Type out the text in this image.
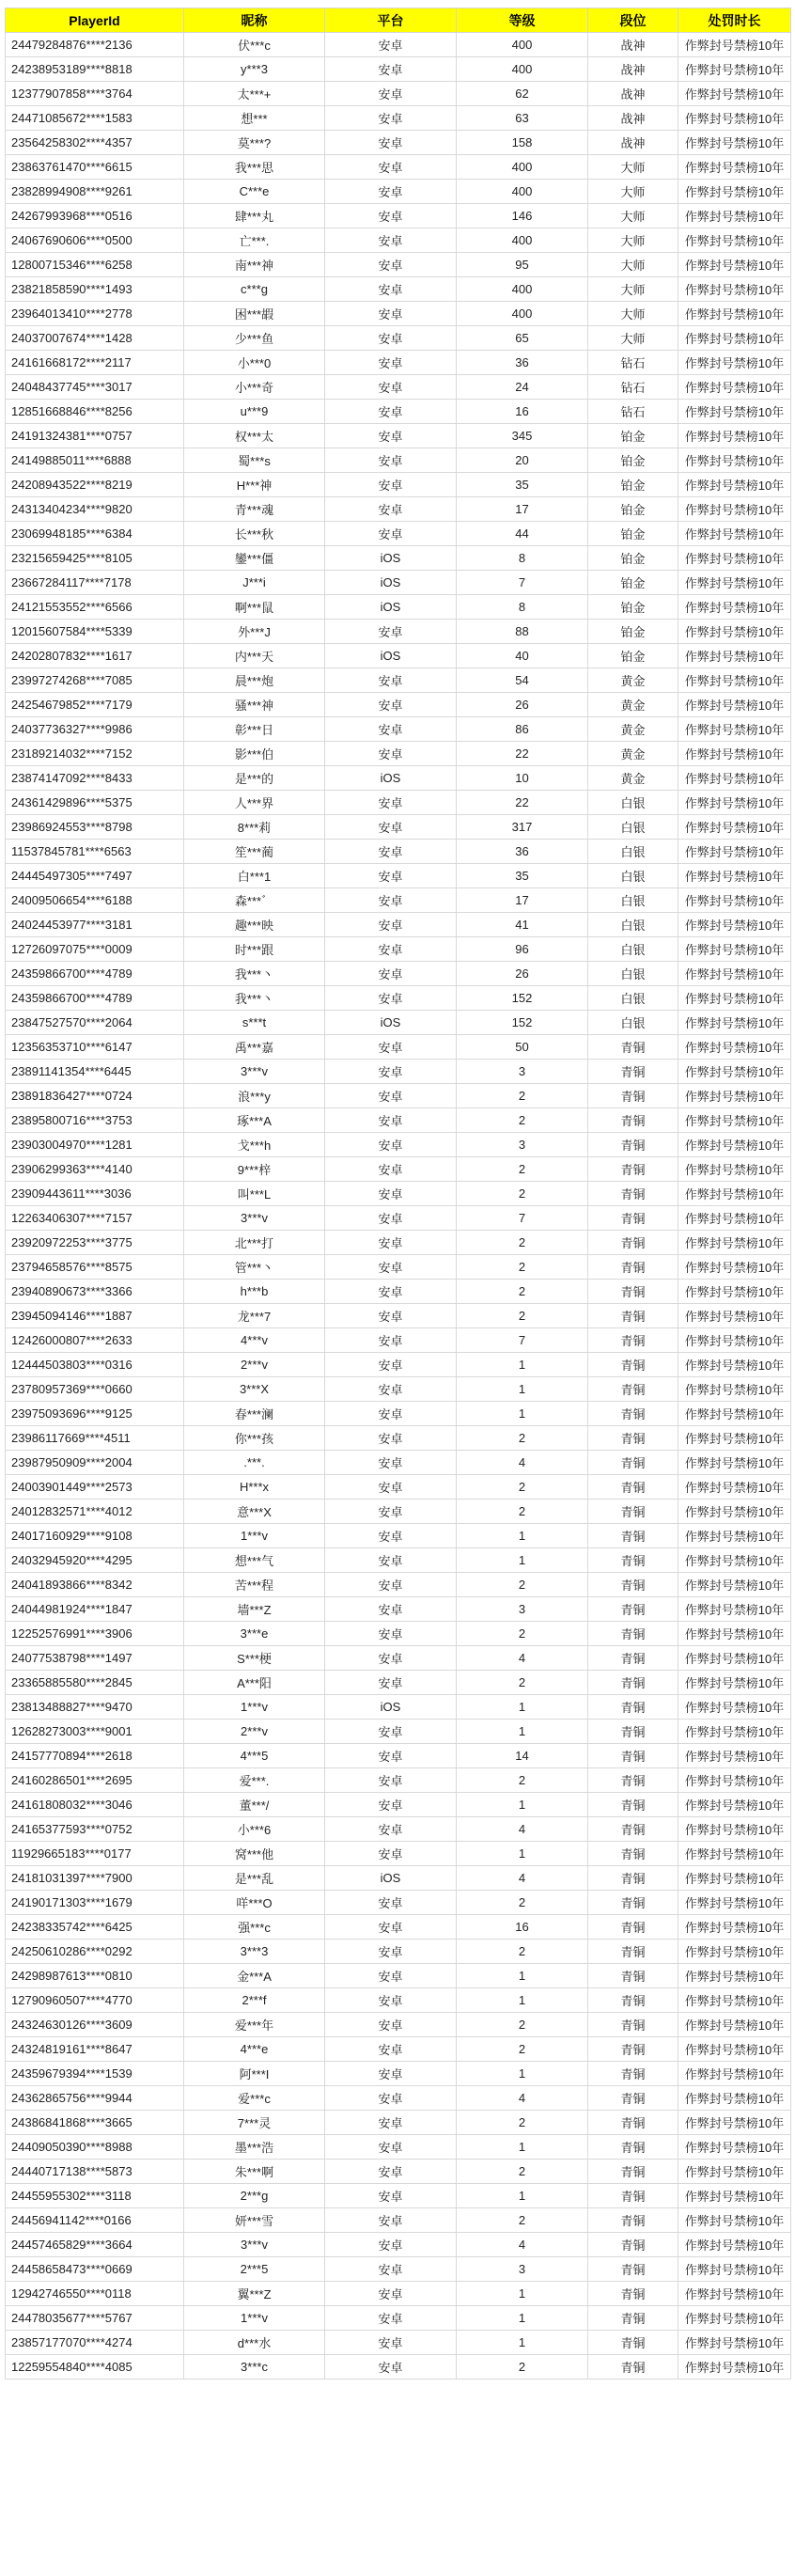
PlayerId	昵称	平台	等级	段位	处罚时长
24479284876****2136	伏***c	安卓	400	战神	作弊封号禁榜10年
24238953189****8818	y***3	安卓	400	战神	作弊封号禁榜10年
12377907858****3764	太***+	安卓	62	战神	作弊封号禁榜10年
24471085672****1583	想***	安卓	63	战神	作弊封号禁榜10年
23564258302****4357	莫***?	安卓	158	战神	作弊封号禁榜10年
23863761470****6615	我***思	安卓	400	大师	作弊封号禁榜10年
23828994908****9261	C***e	安卓	400	大师	作弊封号禁榜10年
24267993968****0516	肆***丸	安卓	146	大师	作弊封号禁榜10年
24067690606****0500	亡***.	安卓	400	大师	作弊封号禁榜10年
12800715346****6258	南***神	安卓	95	大师	作弊封号禁榜10年
23821858590****1493	c***g	安卓	400	大师	作弊封号禁榜10年
23964013410****2778	困***嘏	安卓	400	大师	作弊封号禁榜10年
24037007674****1428	少***鱼	安卓	65	大师	作弊封号禁榜10年
24161668172****2117	小***0	安卓	36	钻石	作弊封号禁榜10年
24048437745****3017	小***奇	安卓	24	钻石	作弊封号禁榜10年
12851668846****8256	u***9	安卓	16	钻石	作弊封号禁榜10年
24191324381****0757	权***太	安卓	345	铂金	作弊封号禁榜10年
24149885011****6888	蜀***s	安卓	20	铂金	作弊封号禁榜10年
24208943522****8219	H***神	安卓	35	铂金	作弊封号禁榜10年
24313404234****9820	青***魂	安卓	17	铂金	作弊封号禁榜10年
23069948185****6384	长***秋	安卓	44	铂金	作弊封号禁榜10年
23215659425****8105	鑾***僵	iOS	8	铂金	作弊封号禁榜10年
23667284117****7178	J***i	iOS	7	铂金	作弊封号禁榜10年
24121553552****6566	啊***鼠	iOS	8	铂金	作弊封号禁榜10年
12015607584****5339	外***J	安卓	88	铂金	作弊封号禁榜10年
24202807832****1617	内***天	iOS	40	铂金	作弊封号禁榜10年
23997274268****7085	晨***炮	安卓	54	黄金	作弊封号禁榜10年
24254679852****7179	骚***神	安卓	26	黄金	作弊封号禁榜10年
24037736327****9986	彰***日	安卓	86	黄金	作弊封号禁榜10年
23189214032****7152	影***伯	安卓	22	黄金	作弊封号禁榜10年
23874147092****8433	是***的	iOS	10	黄金	作弊封号禁榜10年
24361429896****5375	人***界	安卓	22	白银	作弊封号禁榜10年
23986924553****8798	8***莉	安卓	317	白银	作弊封号禁榜10年
11537845781****6563	笙***蔺	安卓	36	白银	作弊封号禁榜10年
24445497305****7497	白***1	安卓	35	白银	作弊封号禁榜10年
24009506654****6188	森***゛	安卓	17	白银	作弊封号禁榜10年
24024453977****3181	趣***映	安卓	41	白银	作弊封号禁榜10年
12726097075****0009	时***跟	安卓	96	白银	作弊封号禁榜10年
24359866700****4789	我***丶	安卓	26	白银	作弊封号禁榜10年
24359866700****4789	我***丶	安卓	152	白银	作弊封号禁榜10年
23847527570****2064	s***t	iOS	152	白银	作弊封号禁榜10年
12356353710****6147	禹***嘉	安卓	50	青铜	作弊封号禁榜10年
23891141354****6445	3***v	安卓	3	青铜	作弊封号禁榜10年
23891836427****0724	浪***y	安卓	2	青铜	作弊封号禁榜10年
23895800716****3753	琢***A	安卓	2	青铜	作弊封号禁榜10年
23903004970****1281	戈***h	安卓	3	青铜	作弊封号禁榜10年
23906299363****4140	9***梓	安卓	2	青铜	作弊封号禁榜10年
23909443611****3036	叫***L	安卓	2	青铜	作弊封号禁榜10年
12263406307****7157	3***v	安卓	7	青铜	作弊封号禁榜10年
23920972253****3775	北***打	安卓	2	青铜	作弊封号禁榜10年
23794658576****8575	管***丶	安卓	2	青铜	作弊封号禁榜10年
23940890673****3366	h***b	安卓	2	青铜	作弊封号禁榜10年
23945094146****1887	龙***7	安卓	2	青铜	作弊封号禁榜10年
12426000807****2633	4***v	安卓	7	青铜	作弊封号禁榜10年
12444503803****0316	2***v	安卓	1	青铜	作弊封号禁榜10年
23780957369****0660	3***X	安卓	1	青铜	作弊封号禁榜10年
23975093696****9125	春***澜	安卓	1	青铜	作弊封号禁榜10年
23986117669****4511	你***孩	安卓	2	青铜	作弊封号禁榜10年
23987950909****2004	.***.	安卓	4	青铜	作弊封号禁榜10年
24003901449****2573	H***x	安卓	2	青铜	作弊封号禁榜10年
24012832571****4012	意***X	安卓	2	青铜	作弊封号禁榜10年
24017160929****9108	1***v	安卓	1	青铜	作弊封号禁榜10年
24032945920****4295	想***气	安卓	1	青铜	作弊封号禁榜10年
24041893866****8342	苦***程	安卓	2	青铜	作弊封号禁榜10年
24044981924****1847	墙***Z	安卓	3	青铜	作弊封号禁榜10年
12252576991****3906	3***e	安卓	2	青铜	作弊封号禁榜10年
24077538798****1497	S***梗	安卓	4	青铜	作弊封号禁榜10年
23365885580****2845	A***阳	安卓	2	青铜	作弊封号禁榜10年
23813488827****9470	1***v	iOS	1	青铜	作弊封号禁榜10年
12628273003****9001	2***v	安卓	1	青铜	作弊封号禁榜10年
24157770894****2618	4***5	安卓	14	青铜	作弊封号禁榜10年
24160286501****2695	爱***.	安卓	2	青铜	作弊封号禁榜10年
24161808032****3046	董***/	安卓	1	青铜	作弊封号禁榜10年
24165377593****0752	小***6	安卓	4	青铜	作弊封号禁榜10年
11929665183****0177	窝***他	安卓	1	青铜	作弊封号禁榜10年
24181031397****7900	是***乱	iOS	4	青铜	作弊封号禁榜10年
24190171303****1679	咩***O	安卓	2	青铜	作弊封号禁榜10年
24238335742****6425	强***c	安卓	16	青铜	作弊封号禁榜10年
24250610286****0292	3***3	安卓	2	青铜	作弊封号禁榜10年
24298987613****0810	金***A	安卓	1	青铜	作弊封号禁榜10年
12790960507****4770	2***f	安卓	1	青铜	作弊封号禁榜10年
24324630126****3609	爱***年	安卓	2	青铜	作弊封号禁榜10年
24324819161****8647	4***e	安卓	2	青铜	作弊封号禁榜10年
24359679394****1539	阿***I	安卓	1	青铜	作弊封号禁榜10年
24362865756****9944	爱***c	安卓	4	青铜	作弊封号禁榜10年
24386841868****3665	7***灵	安卓	2	青铜	作弊封号禁榜10年
24409050390****8988	墨***浩	安卓	1	青铜	作弊封号禁榜10年
24440717138****5873	朱***啊	安卓	2	青铜	作弊封号禁榜10年
24455955302****3118	2***g	安卓	1	青铜	作弊封号禁榜10年
24456941142****0166	妍***雪	安卓	2	青铜	作弊封号禁榜10年
24457465829****3664	3***v	安卓	4	青铜	作弊封号禁榜10年
24458658473****0669	2***5	安卓	3	青铜	作弊封号禁榜10年
12942746550****0118	翼***Z	安卓	1	青铜	作弊封号禁榜10年
24478035677****5767	1***v	安卓	1	青铜	作弊封号禁榜10年
23857177070****4274	d***水	安卓	1	青铜	作弊封号禁榜10年
12259554840****4085	3***c	安卓	2	青铜	作弊封号禁榜10年
